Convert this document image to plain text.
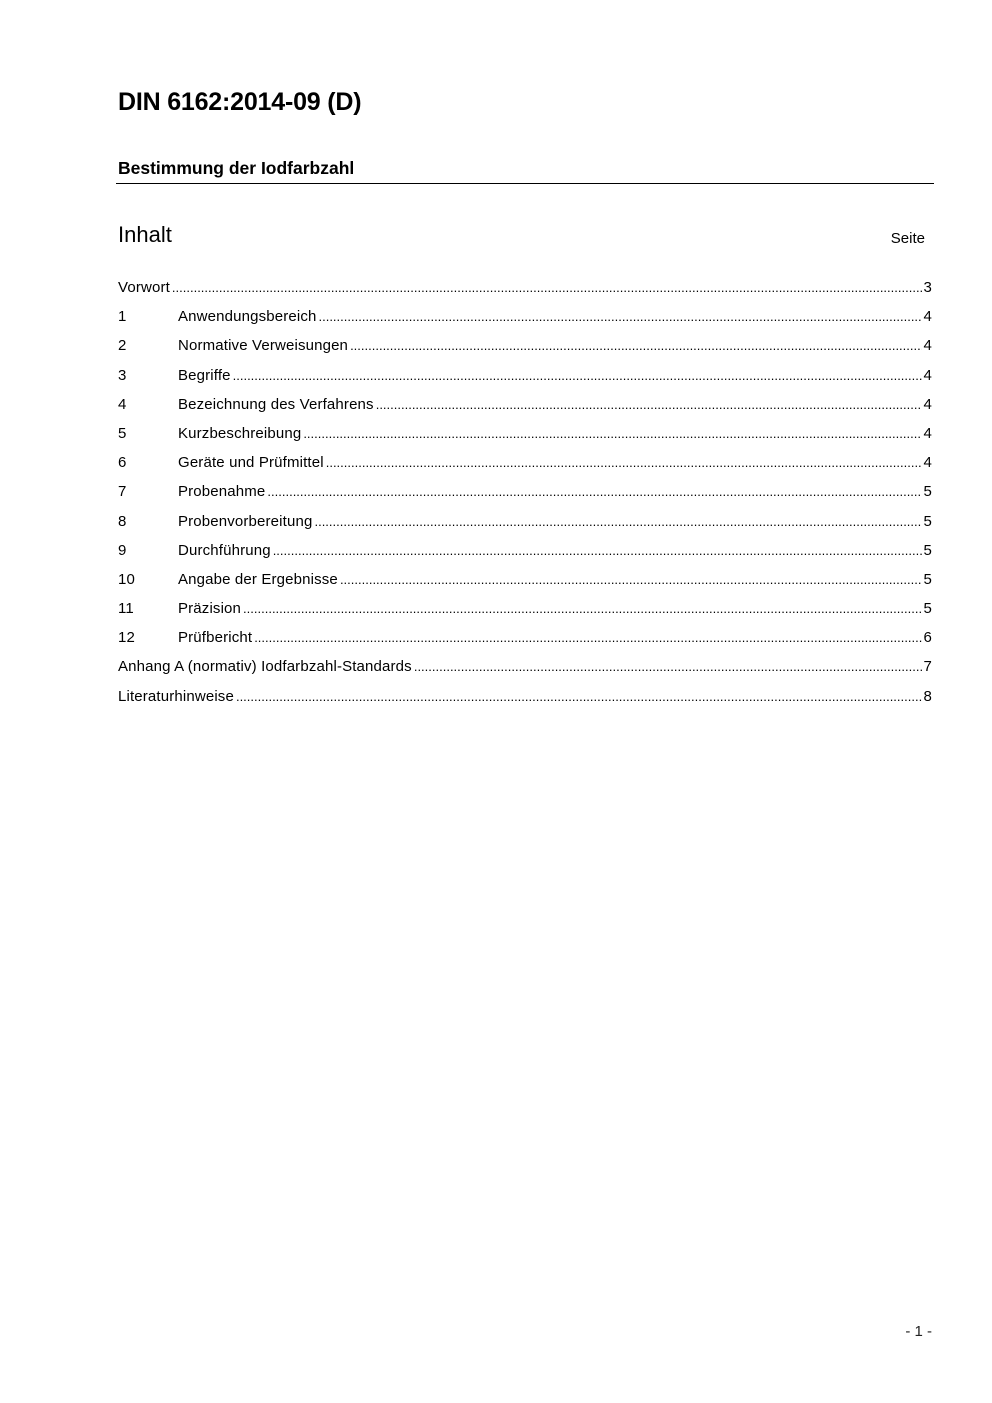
DIN 6162:2014-09 (D)
Bestimmung der Iodfarbzahl
Inhalt	Seite
Vorwort .....	3
1	Anwendungsbereich .....	4
2	Normative Verweisungen .....	4
3	Begriffe .....	4
4	Bezeichnung des Verfahrens .....	4
5	Kurzbeschreibung .....	4
6	Geräte und Prüfmittel .....	4
7	Probenahme .....	5
8	Probenvorbereitung .....	5
9	Durchführung .....	5
10	Angabe der Ergebnisse .....	5
11	Präzision .....	5
12	Prüfbericht .....	6
Anhang A (normativ) Iodfarbzahl-Standards .....	7
Literaturhinweise .....	8
- 1 -
